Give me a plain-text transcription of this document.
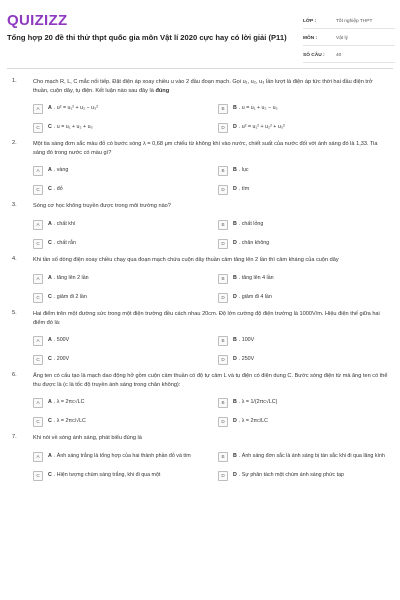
QUIZIZZ
Tổng hợp 20 đề thi thử thpt quốc gia môn Vật lí 2020 cực hay có lời giải (P11)
LỚP :	Tốt nghiệp THPT
MÔN :	Vật lý
SỐ CÂU :	40
1.	Cho mạch R, L, C mắc nối tiếp. Đặt điện áp xoay chiều u vào 2 đầu đoạn mạch. Gọi u₁, u₂, u₃ lần lượt là điện áp tức thời hai đầu điện trở thuần, cuộn dây, tụ điện. Kết luận nào sau đây là đúng
A	A . u² = u₁² + u₂ − u₃²	B	B . u = u₁ + u₂ − u₃
C	C . u = u₁ + u₂ + u₃	D	D . u² = u₁² + u₂² + u₃²
2.	Một tia sáng đơn sắc màu đỏ có bước sóng λ = 0,68 μm chiếu từ không khí vào nước, chiết suất của nước đối với ánh sáng đó là 1,33. Tia sáng đó trong nước có màu gì?
A	A . vàng	B	B . lục
C	C . đỏ	D	D . tím
3.	Sóng cơ học không truyền được trong môi trường nào?
A	A . chất khí	B	B . chất lỏng
C	C . chất rắn	D	D . chân không
4.	Khi tần số dòng điện xoay chiều chạy qua đoạn mạch chứa cuộn dây thuần cảm tăng lên 2 lần thì cảm kháng của cuộn dây
A	A . tăng lên 2 lần	B	B . tăng lên 4 lần
C	C . giảm đi 2 lần	D	D . giảm đi 4 lần
5.	Hai điểm trên một đường sức trong một điện trường đều cách nhau 20cm. Độ lớn cường độ điện trường là 1000V/m. Hiệu điện thế giữa hai điểm đó là:
A	A . 500V	B	B . 100V
C	C . 200V	D	D . 250V
6.	Ăng ten có cấu tạo là mạch dao động hở gồm cuộn cảm thuần có độ tự cảm L và tụ điện có điện dung C. Bước sóng điện từ mà ăng ten có thể thu được là (c là tốc độ truyền ánh sáng trong chân không):
A	A . λ = 2πc√LC	B	B . λ = 1/(2πc√LC)
C	C . λ = 2πc/√LC	D	D . λ = 2πc/LC
7.	Khi nói về sóng ánh sáng, phát biểu đúng là
A	A . Ánh sáng trắng là tổng hợp của hai thành phần đỏ và tím	B	B . Ánh sáng đơn sắc là ánh sáng bị tán sắc khi đi qua lăng kính
C	C . Hiện tượng chùm sáng trắng, khi đi qua một	D	D . Sự phân tách một chùm ánh sáng phức tạp
